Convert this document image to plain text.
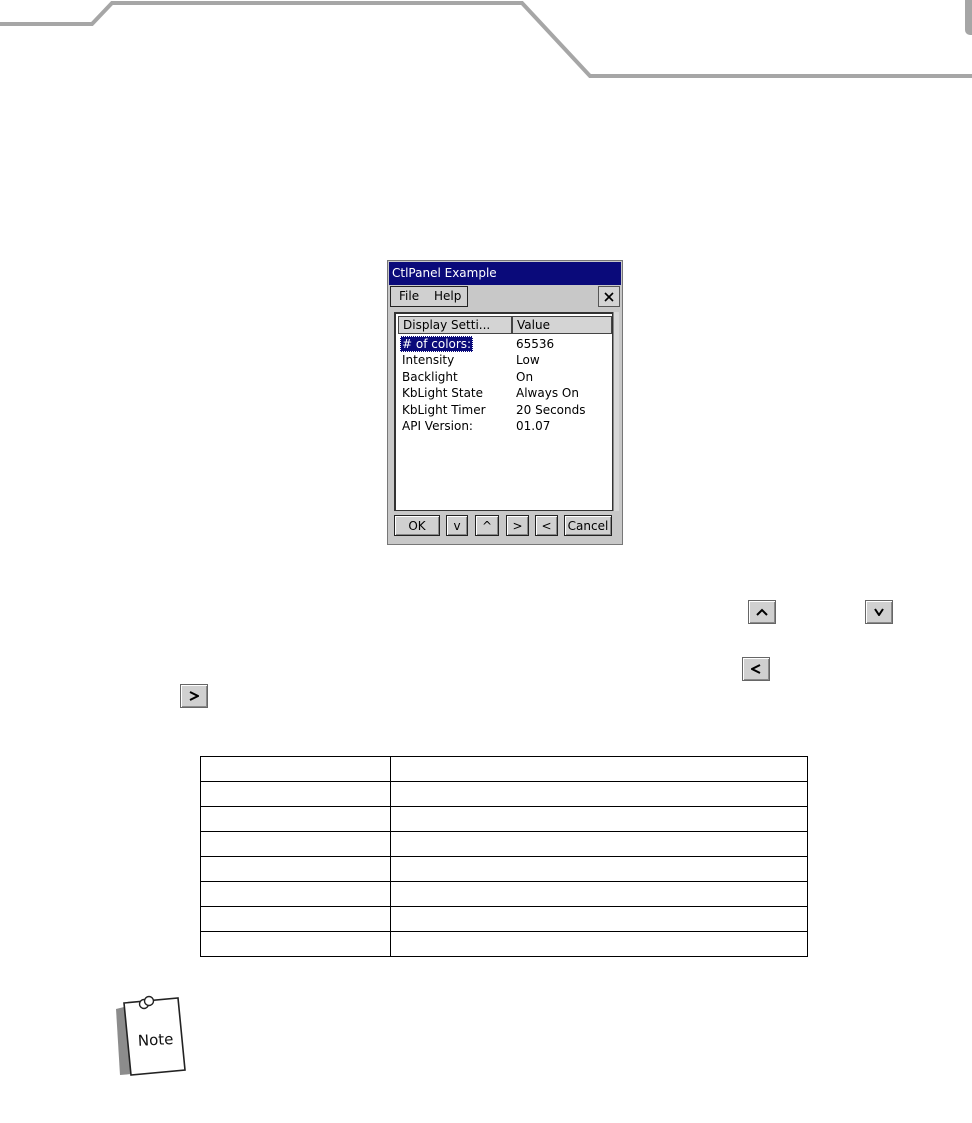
CtlPanel Example
File Help
Display Setti...	Value
# of colors:	65536
Intensity	Low
Backlight	On
KbLight State	Always On
KbLight Timer	20 Seconds
API Version:	01.07
OK	v	^	>	<	Cancel

Note
